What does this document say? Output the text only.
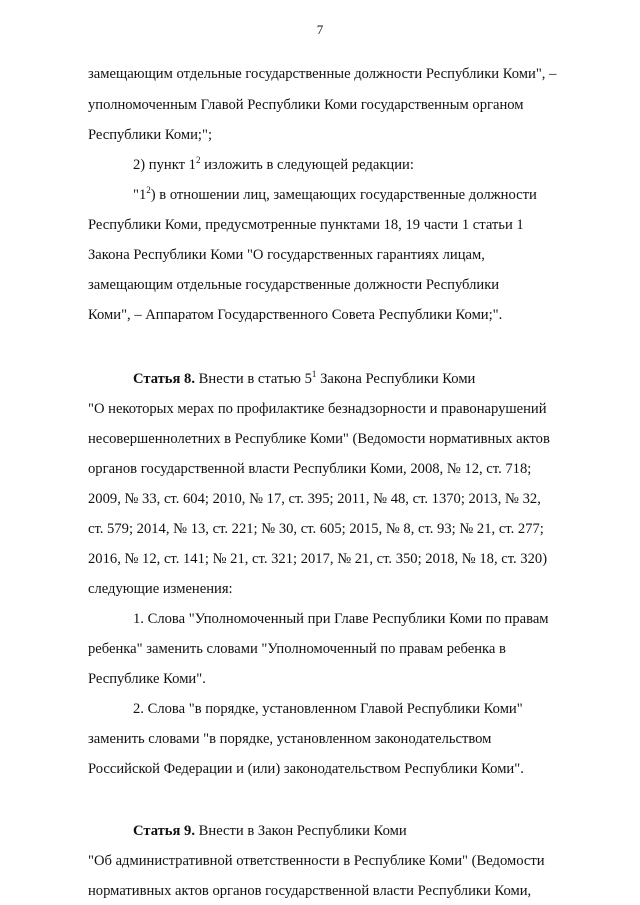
7
замещающим отдельные государственные должности Республики Коми", –
уполномоченным Главой Республики Коми государственным органом
Республики Коми;";
2) пункт $1^2$ изложить в следующей редакции:
"$1^2$) в отношении лиц, замещающих государственные должности
Республики Коми, предусмотренные пунктами 18, 19 части 1 статьи 1
Закона Республики Коми "О государственных гарантиях лицам,
замещающим отдельные государственные должности Республики
Коми", – Аппаратом Государственного Совета Республики Коми;".
Статья 8. Внести в статью $5^1$ Закона Республики Коми
"О некоторых мерах по профилактике безнадзорности и правонарушений
несовершеннолетних в Республике Коми" (Ведомости нормативных актов
органов государственной власти Республики Коми, 2008, № 12, ст. 718;
2009, № 33, ст. 604; 2010, № 17, ст. 395; 2011, № 48, ст. 1370; 2013, № 32,
ст. 579; 2014, № 13, ст. 221; № 30, ст. 605; 2015, № 8, ст. 93; № 21, ст. 277;
2016, № 12, ст. 141; № 21, ст. 321; 2017, № 21, ст. 350; 2018, № 18, ст. 320)
следующие изменения:
1. Слова "Уполномоченный при Главе Республики Коми по правам
ребенка" заменить словами "Уполномоченный по правам ребенка в
Республике Коми".
2. Слова "в порядке, установленном Главой Республики Коми"
заменить словами "в порядке, установленном законодательством
Российской Федерации и (или) законодательством Республики Коми".
Статья 9. Внести в Закон Республики Коми
"Об административной ответственности в Республике Коми" (Ведомости
нормативных актов органов государственной власти Республики Коми,
